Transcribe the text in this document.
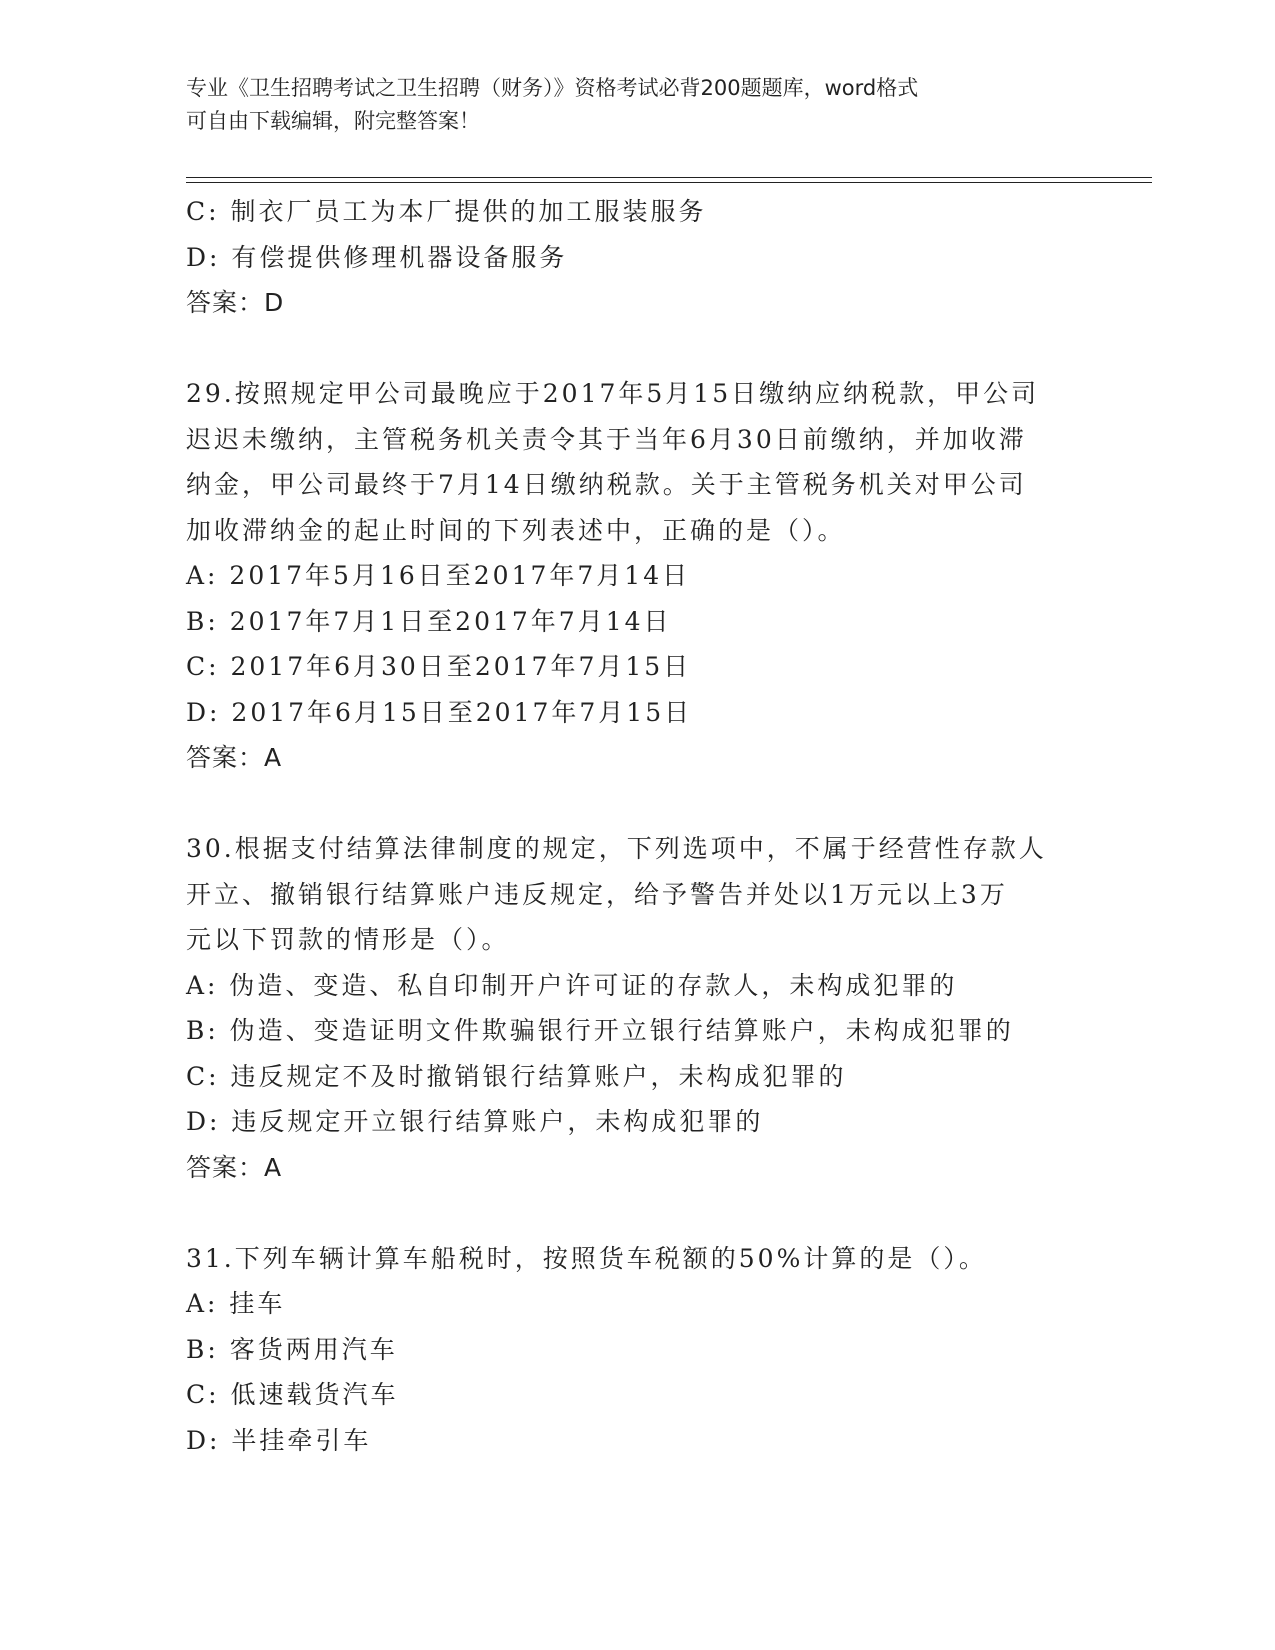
专业《卫生招聘考试之卫生招聘（财务）》资格考试必背200题题库，word格式
可自由下载编辑，附完整答案！
C: 制衣厂员工为本厂提供的加工服装服务
D: 有偿提供修理机器设备服务
答案：D
29.按照规定甲公司最晚应于2017年5月15日缴纳应纳税款，甲公司
迟迟未缴纳，主管税务机关责令其于当年6月30日前缴纳，并加收滞
纳金，甲公司最终于7月14日缴纳税款。关于主管税务机关对甲公司
加收滞纳金的起止时间的下列表述中，正确的是（）。
A: 2017年5月16日至2017年7月14日
B: 2017年7月1日至2017年7月14日
C: 2017年6月30日至2017年7月15日
D: 2017年6月15日至2017年7月15日
答案：A
30.根据支付结算法律制度的规定，下列选项中，不属于经营性存款人
开立、撤销银行结算账户违反规定，给予警告并处以1万元以上3万
元以下罚款的情形是（）。
A: 伪造、变造、私自印制开户许可证的存款人，未构成犯罪的
B: 伪造、变造证明文件欺骗银行开立银行结算账户，未构成犯罪的
C: 违反规定不及时撤销银行结算账户，未构成犯罪的
D: 违反规定开立银行结算账户，未构成犯罪的
答案：A
31.下列车辆计算车船税时，按照货车税额的50%计算的是（）。
A: 挂车
B: 客货两用汽车
C: 低速载货汽车
D: 半挂牵引车
